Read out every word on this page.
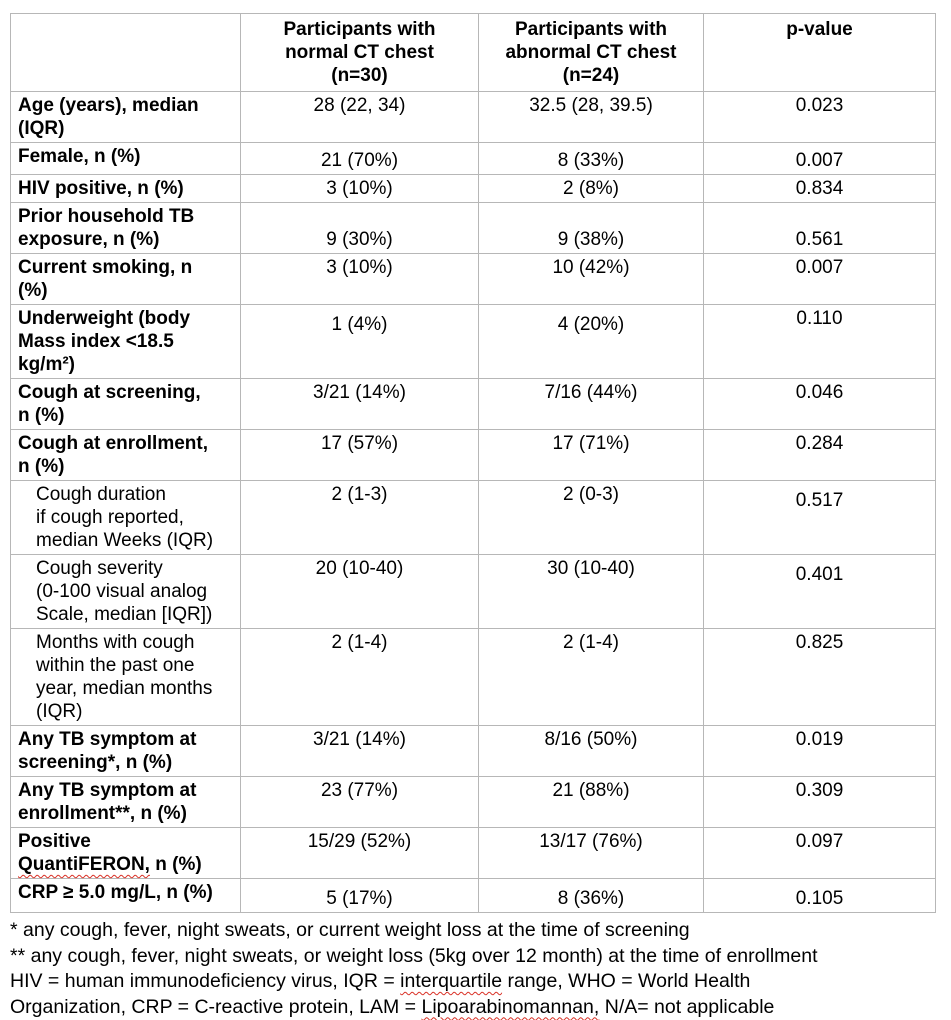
	Participants with
normal CT chest
(n=30)	Participants with
abnormal CT chest
(n=24)	p-value
Age (years), median
(IQR)	28 (22, 34)	32.5 (28, 39.5)	0.023
Female, n (%)	21 (70%)	8 (33%)	0.007
HIV positive, n (%)	3 (10%)	2 (8%)	0.834
Prior household TB
exposure, n (%)	9 (30%)	9 (38%)	0.561
Current smoking, n
(%)	3 (10%)	10 (42%)	0.007
Underweight (body
Mass index <18.5
kg/m²)	1 (4%)	4 (20%)	0.110
Cough at screening,
n (%)	3/21 (14%)	7/16 (44%)	0.046
Cough at enrollment,
n (%)	17 (57%)	17 (71%)	0.284
Cough duration
if cough reported,
median Weeks (IQR)	2 (1-3)	2 (0-3)	0.517
Cough severity
(0-100 visual analog
Scale, median [IQR])	20 (10-40)	30 (10-40)	0.401
Months with cough
within the past one
year, median months
(IQR)	2 (1-4)	2 (1-4)	0.825
Any TB symptom at
screening*, n (%)	3/21 (14%)	8/16 (50%)	0.019
Any TB symptom at
enrollment**, n (%)	23 (77%)	21 (88%)	0.309
Positive
QuantiFERON, n (%)	15/29 (52%)	13/17 (76%)	0.097
CRP ≥ 5.0 mg/L, n (%)	5 (17%)	8 (36%)	0.105
* any cough, fever, night sweats, or current weight loss at the time of screening
** any cough, fever, night sweats, or weight loss (5kg over 12 month) at the time of enrollment
HIV = human immunodeficiency virus, IQR = interquartile range, WHO = World Health
Organization, CRP = C-reactive protein, LAM = Lipoarabinomannan, N/A= not applicable
